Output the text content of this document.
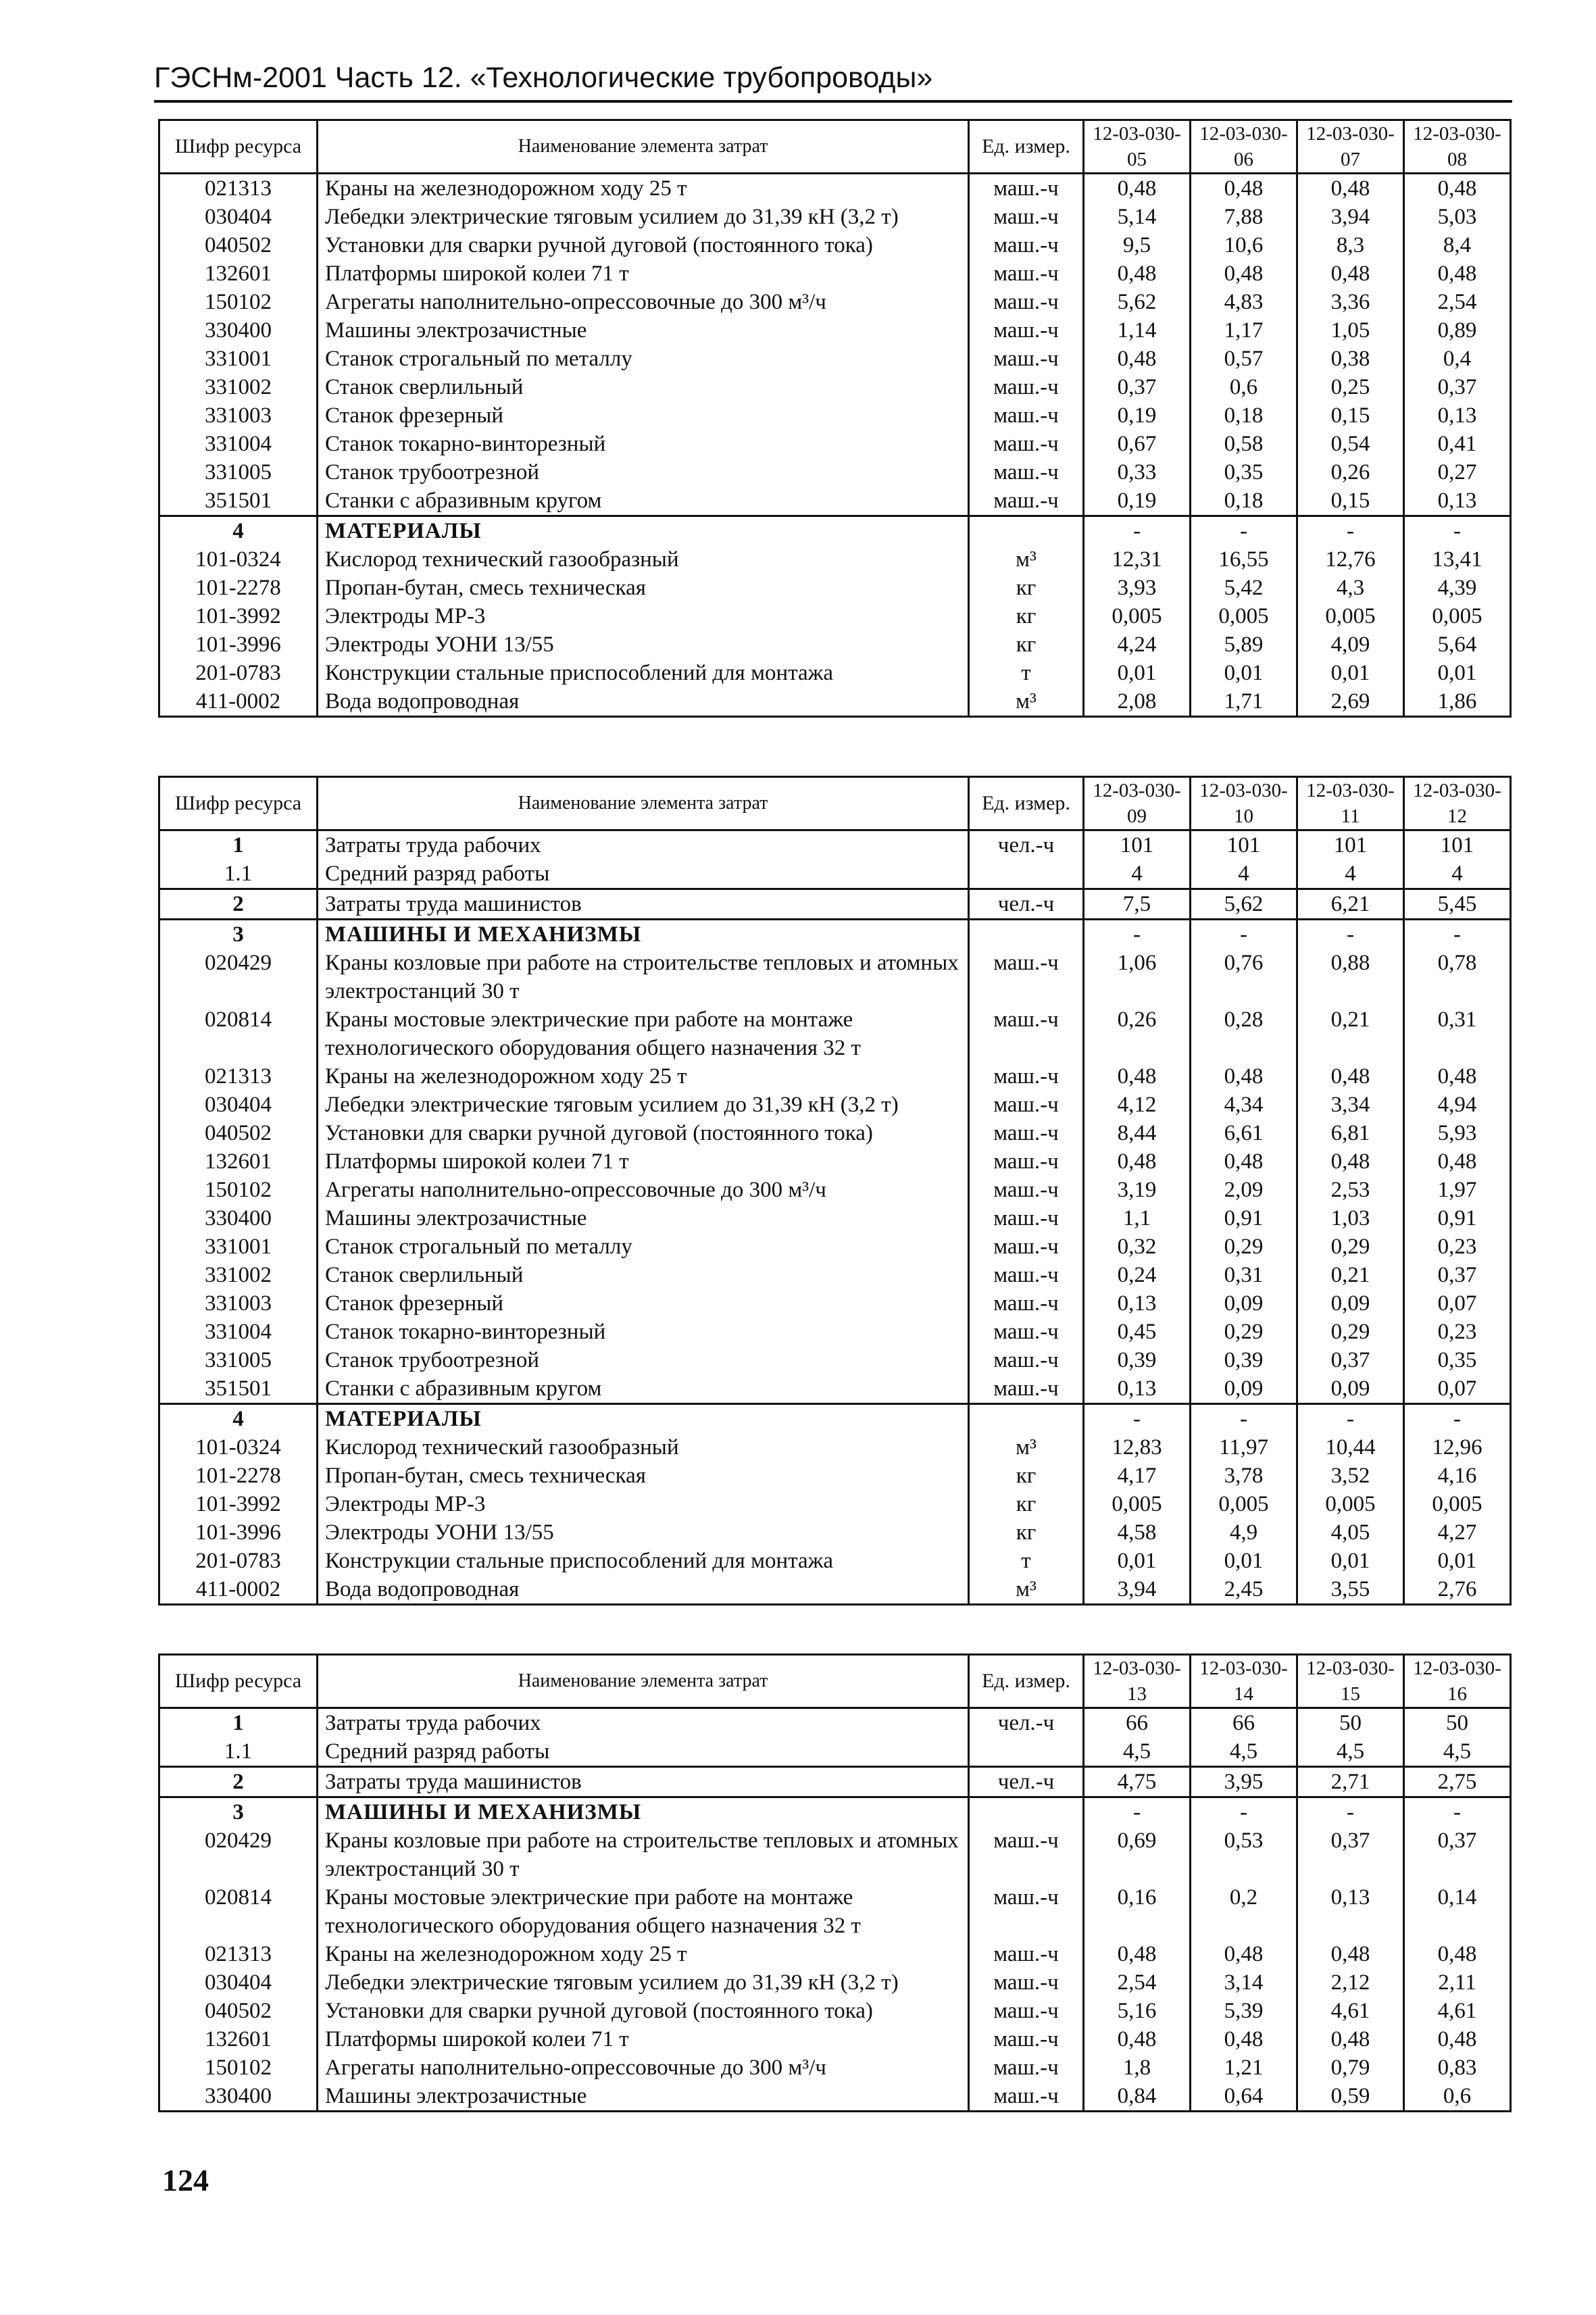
ГЭСНм-2001 Часть 12. «Технологические трубопроводы»
Шифр ресурса	Наименование элемента затрат	Ед. измер.	12-03-030-05	12-03-030-06	12-03-030-07	12-03-030-08
021313	Краны на железнодорожном ходу 25 т	маш.-ч	0,48	0,48	0,48	0,48
030404	Лебедки электрические тяговым усилием до 31,39 кН (3,2 т)	маш.-ч	5,14	7,88	3,94	5,03
040502	Установки для сварки ручной дуговой (постоянного тока)	маш.-ч	9,5	10,6	8,3	8,4
132601	Платформы широкой колеи 71 т	маш.-ч	0,48	0,48	0,48	0,48
150102	Агрегаты наполнительно-опрессовочные до 300 м³/ч	маш.-ч	5,62	4,83	3,36	2,54
330400	Машины электрозачистные	маш.-ч	1,14	1,17	1,05	0,89
331001	Станок строгальный по металлу	маш.-ч	0,48	0,57	0,38	0,4
331002	Станок сверлильный	маш.-ч	0,37	0,6	0,25	0,37
331003	Станок фрезерный	маш.-ч	0,19	0,18	0,15	0,13
331004	Станок токарно-винторезный	маш.-ч	0,67	0,58	0,54	0,41
331005	Станок трубоотрезной	маш.-ч	0,33	0,35	0,26	0,27
351501	Станки с абразивным кругом	маш.-ч	0,19	0,18	0,15	0,13
4	МАТЕРИАЛЫ		-	-	-	-
101-0324	Кислород технический газообразный	м³	12,31	16,55	12,76	13,41
101-2278	Пропан-бутан, смесь техническая	кг	3,93	5,42	4,3	4,39
101-3992	Электроды МР-3	кг	0,005	0,005	0,005	0,005
101-3996	Электроды УОНИ 13/55	кг	4,24	5,89	4,09	5,64
201-0783	Конструкции стальные приспособлений для монтажа	т	0,01	0,01	0,01	0,01
411-0002	Вода водопроводная	м³	2,08	1,71	2,69	1,86
Шифр ресурса	Наименование элемента затрат	Ед. измер.	12-03-030-09	12-03-030-10	12-03-030-11	12-03-030-12
1	Затраты труда рабочих	чел.-ч	101	101	101	101
1.1	Средний разряд работы		4	4	4	4
2	Затраты труда машинистов	чел.-ч	7,5	5,62	6,21	5,45
3	МАШИНЫ И МЕХАНИЗМЫ		-	-	-	-
020429	Краны козловые при работе на строительстве тепловых и атомных электростанций 30 т	маш.-ч	1,06	0,76	0,88	0,78
020814	Краны мостовые электрические при работе на монтаже технологического оборудования общего назначения 32 т	маш.-ч	0,26	0,28	0,21	0,31
021313	Краны на железнодорожном ходу 25 т	маш.-ч	0,48	0,48	0,48	0,48
030404	Лебедки электрические тяговым усилием до 31,39 кН (3,2 т)	маш.-ч	4,12	4,34	3,34	4,94
040502	Установки для сварки ручной дуговой (постоянного тока)	маш.-ч	8,44	6,61	6,81	5,93
132601	Платформы широкой колеи 71 т	маш.-ч	0,48	0,48	0,48	0,48
150102	Агрегаты наполнительно-опрессовочные до 300 м³/ч	маш.-ч	3,19	2,09	2,53	1,97
330400	Машины электрозачистные	маш.-ч	1,1	0,91	1,03	0,91
331001	Станок строгальный по металлу	маш.-ч	0,32	0,29	0,29	0,23
331002	Станок сверлильный	маш.-ч	0,24	0,31	0,21	0,37
331003	Станок фрезерный	маш.-ч	0,13	0,09	0,09	0,07
331004	Станок токарно-винторезный	маш.-ч	0,45	0,29	0,29	0,23
331005	Станок трубоотрезной	маш.-ч	0,39	0,39	0,37	0,35
351501	Станки с абразивным кругом	маш.-ч	0,13	0,09	0,09	0,07
4	МАТЕРИАЛЫ		-	-	-	-
101-0324	Кислород технический газообразный	м³	12,83	11,97	10,44	12,96
101-2278	Пропан-бутан, смесь техническая	кг	4,17	3,78	3,52	4,16
101-3992	Электроды МР-3	кг	0,005	0,005	0,005	0,005
101-3996	Электроды УОНИ 13/55	кг	4,58	4,9	4,05	4,27
201-0783	Конструкции стальные приспособлений для монтажа	т	0,01	0,01	0,01	0,01
411-0002	Вода водопроводная	м³	3,94	2,45	3,55	2,76
Шифр ресурса	Наименование элемента затрат	Ед. измер.	12-03-030-13	12-03-030-14	12-03-030-15	12-03-030-16
1	Затраты труда рабочих	чел.-ч	66	66	50	50
1.1	Средний разряд работы		4,5	4,5	4,5	4,5
2	Затраты труда машинистов	чел.-ч	4,75	3,95	2,71	2,75
3	МАШИНЫ И МЕХАНИЗМЫ		-	-	-	-
020429	Краны козловые при работе на строительстве тепловых и атомных электростанций 30 т	маш.-ч	0,69	0,53	0,37	0,37
020814	Краны мостовые электрические при работе на монтаже технологического оборудования общего назначения 32 т	маш.-ч	0,16	0,2	0,13	0,14
021313	Краны на железнодорожном ходу 25 т	маш.-ч	0,48	0,48	0,48	0,48
030404	Лебедки электрические тяговым усилием до 31,39 кН (3,2 т)	маш.-ч	2,54	3,14	2,12	2,11
040502	Установки для сварки ручной дуговой (постоянного тока)	маш.-ч	5,16	5,39	4,61	4,61
132601	Платформы широкой колеи 71 т	маш.-ч	0,48	0,48	0,48	0,48
150102	Агрегаты наполнительно-опрессовочные до 300 м³/ч	маш.-ч	1,8	1,21	0,79	0,83
330400	Машины электрозачистные	маш.-ч	0,84	0,64	0,59	0,6
124
